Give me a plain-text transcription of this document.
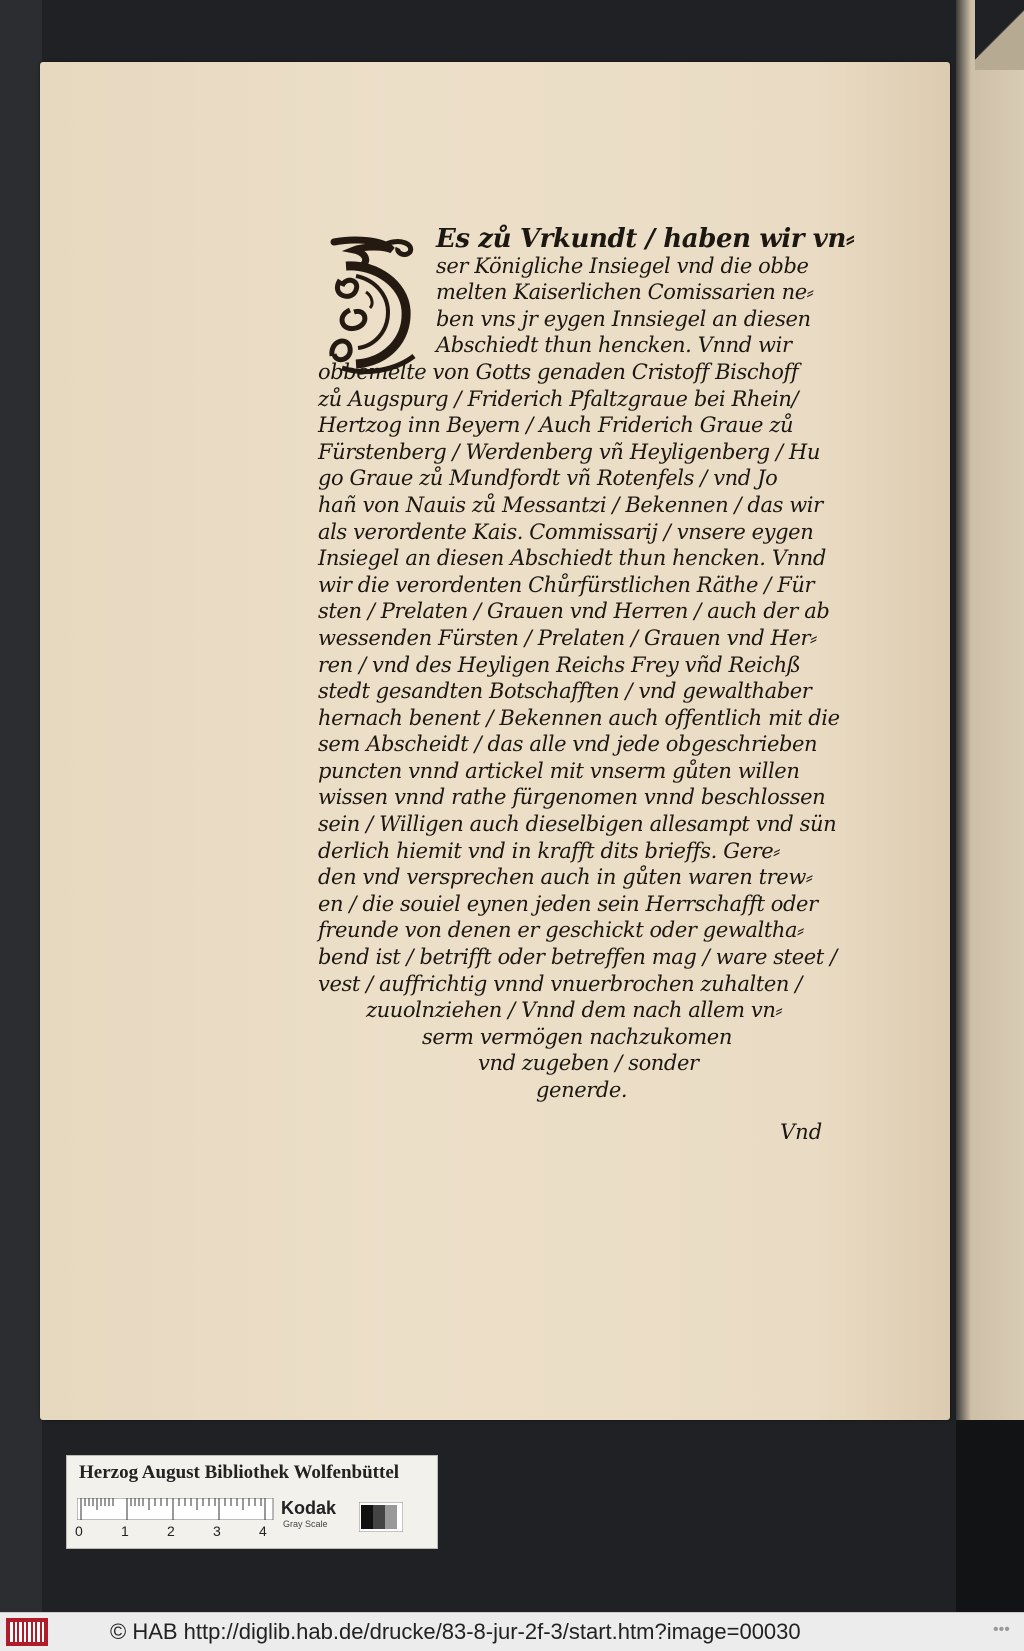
Es zů Vrkundt / haben wir vn⸗
ser Königliche Insiegel vnd die obbe
melten Kaiserlichen Comissarien ne⸗
ben vns jr eygen Innsiegel an diesen
Abschiedt thun hencken. Vnnd wir
obbemelte von Gotts genaden Cristoff Bischoff
zů Augspurg / Friderich Pfaltzgraue bei Rhein/
Hertzog inn Beyern / Auch Friderich Graue zů
Fürstenberg / Werdenberg vñ Heyligenberg / Hu
go Graue zů Mundfordt vñ Rotenfels / vnd Jo
hañ von Nauis zů Messantzi / Bekennen / das wir
als verordente Kais. Commissarij / vnsere eygen
Insiegel an diesen Abschiedt thun hencken. Vnnd
wir die verordenten Chůrfürstlichen Räthe / Für
sten / Prelaten / Grauen vnd Herren / auch der ab
wessenden Fürsten / Prelaten / Grauen vnd Her⸗
ren / vnd des Heyligen Reichs Frey vñd Reichß
stedt gesandten Botschafften / vnd gewalthaber
hernach benent / Bekennen auch offentlich mit die
sem Abscheidt / das alle vnd jede obgeschrieben
puncten vnnd artickel mit vnserm gůten willen
wissen vnnd rathe fürgenomen vnnd beschlossen
sein / Willigen auch dieselbigen allesampt vnd sün
derlich hiemit vnd in krafft dits brieffs. Gere⸗
den vnd versprechen auch in gůten waren trew⸗
en / die souiel eynen jeden sein Herrschafft oder
freunde von denen er geschickt oder gewaltha⸗
bend ist / betrifft oder betreffen mag / ware steet /
vest / auffrichtig vnnd vnuerbrochen zuhalten /
zuuolnziehen / Vnnd dem nach allem vn⸗
serm vermögen nachzukomen
vnd zugeben / sonder
generde.
Vnd
Herzog August Bibliothek Wolfenbüttel
0	1	2	3	4
Kodak
Gray Scale
© HAB http://diglib.hab.de/drucke/83-8-jur-2f-3/start.htm?image=00030	•••
